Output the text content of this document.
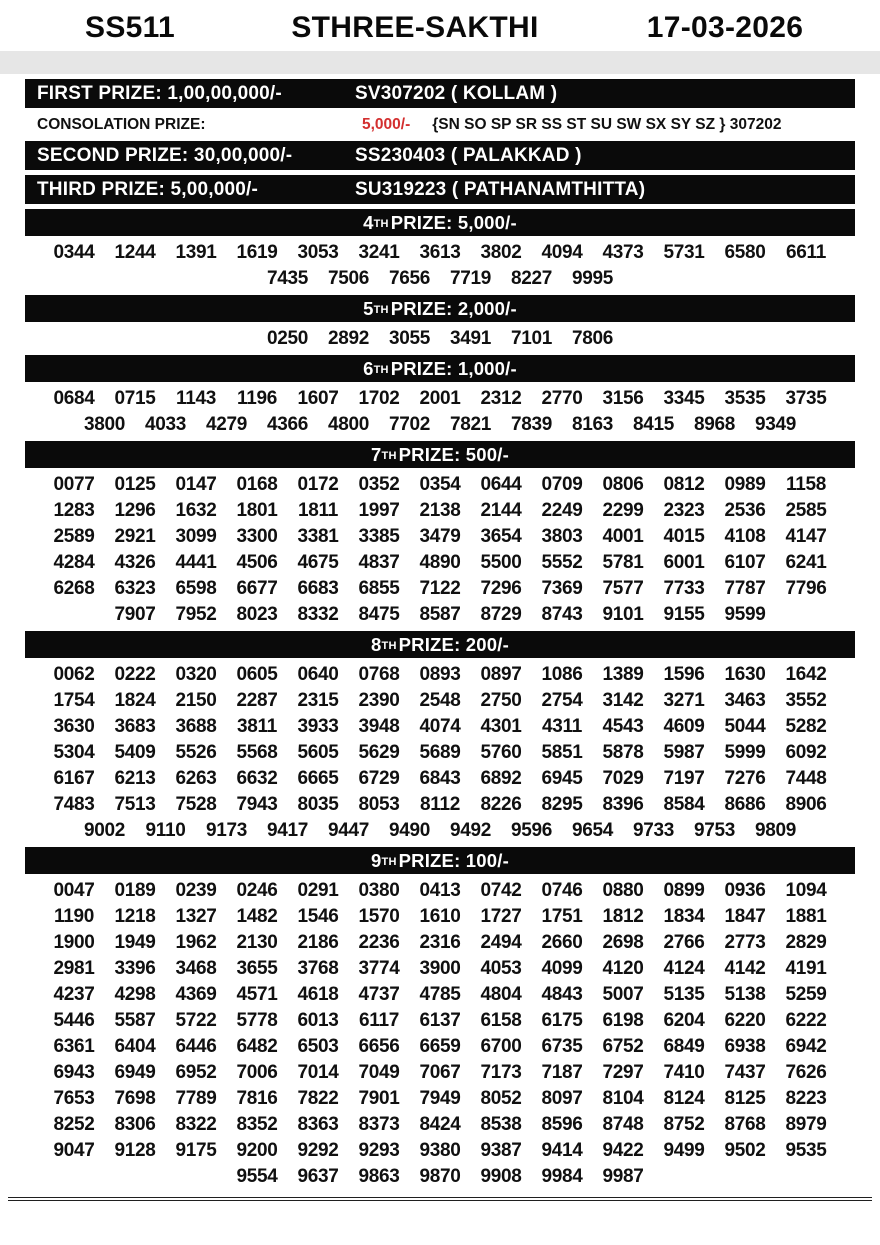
SS511	STHREE-SAKTHI	17-03-2026
FIRST PRIZE: 1,00,00,000/-	SV307202 ( KOLLAM )
CONSOLATION PRIZE:	5,000/- {SN SO SP SR SS ST SU SW SX SY SZ } 307202
SECOND PRIZE: 30,00,000/-	SS230403 ( PALAKKAD )
THIRD PRIZE: 5,00,000/-	SU319223 ( PATHANAMTHITTA)
4 TH PRIZE: 5,000/-
0344	1244	1391	1619	3053	3241	3613	3802	4094	4373	5731	6580	6611
7435	7506	7656	7719	8227	9995
5 TH PRIZE: 2,000/-
0250	2892	3055	3491	7101	7806
6 TH PRIZE: 1,000/-
0684	0715	1143	1196	1607	1702	2001	2312	2770	3156	3345	3535	3735
3800	4033	4279	4366	4800	7702	7821	7839	8163	8415	8968	9349
7 TH PRIZE: 500/-
0077	0125	0147	0168	0172	0352	0354	0644	0709	0806	0812	0989	1158
1283	1296	1632	1801	1811	1997	2138	2144	2249	2299	2323	2536	2585
2589	2921	3099	3300	3381	3385	3479	3654	3803	4001	4015	4108	4147
4284	4326	4441	4506	4675	4837	4890	5500	5552	5781	6001	6107	6241
6268	6323	6598	6677	6683	6855	7122	7296	7369	7577	7733	7787	7796
7907	7952	8023	8332	8475	8587	8729	8743	9101	9155	9599
8 TH PRIZE: 200/-
0062	0222	0320	0605	0640	0768	0893	0897	1086	1389	1596	1630	1642
1754	1824	2150	2287	2315	2390	2548	2750	2754	3142	3271	3463	3552
3630	3683	3688	3811	3933	3948	4074	4301	4311	4543	4609	5044	5282
5304	5409	5526	5568	5605	5629	5689	5760	5851	5878	5987	5999	6092
6167	6213	6263	6632	6665	6729	6843	6892	6945	7029	7197	7276	7448
7483	7513	7528	7943	8035	8053	8112	8226	8295	8396	8584	8686	8906
9002	9110	9173	9417	9447	9490	9492	9596	9654	9733	9753	9809
9 TH PRIZE: 100/-
0047	0189	0239	0246	0291	0380	0413	0742	0746	0880	0899	0936	1094
1190	1218	1327	1482	1546	1570	1610	1727	1751	1812	1834	1847	1881
1900	1949	1962	2130	2186	2236	2316	2494	2660	2698	2766	2773	2829
2981	3396	3468	3655	3768	3774	3900	4053	4099	4120	4124	4142	4191
4237	4298	4369	4571	4618	4737	4785	4804	4843	5007	5135	5138	5259
5446	5587	5722	5778	6013	6117	6137	6158	6175	6198	6204	6220	6222
6361	6404	6446	6482	6503	6656	6659	6700	6735	6752	6849	6938	6942
6943	6949	6952	7006	7014	7049	7067	7173	7187	7297	7410	7437	7626
7653	7698	7789	7816	7822	7901	7949	8052	8097	8104	8124	8125	8223
8252	8306	8322	8352	8363	8373	8424	8538	8596	8748	8752	8768	8979
9047	9128	9175	9200	9292	9293	9380	9387	9414	9422	9499	9502	9535
9554	9637	9863	9870	9908	9984	9987
